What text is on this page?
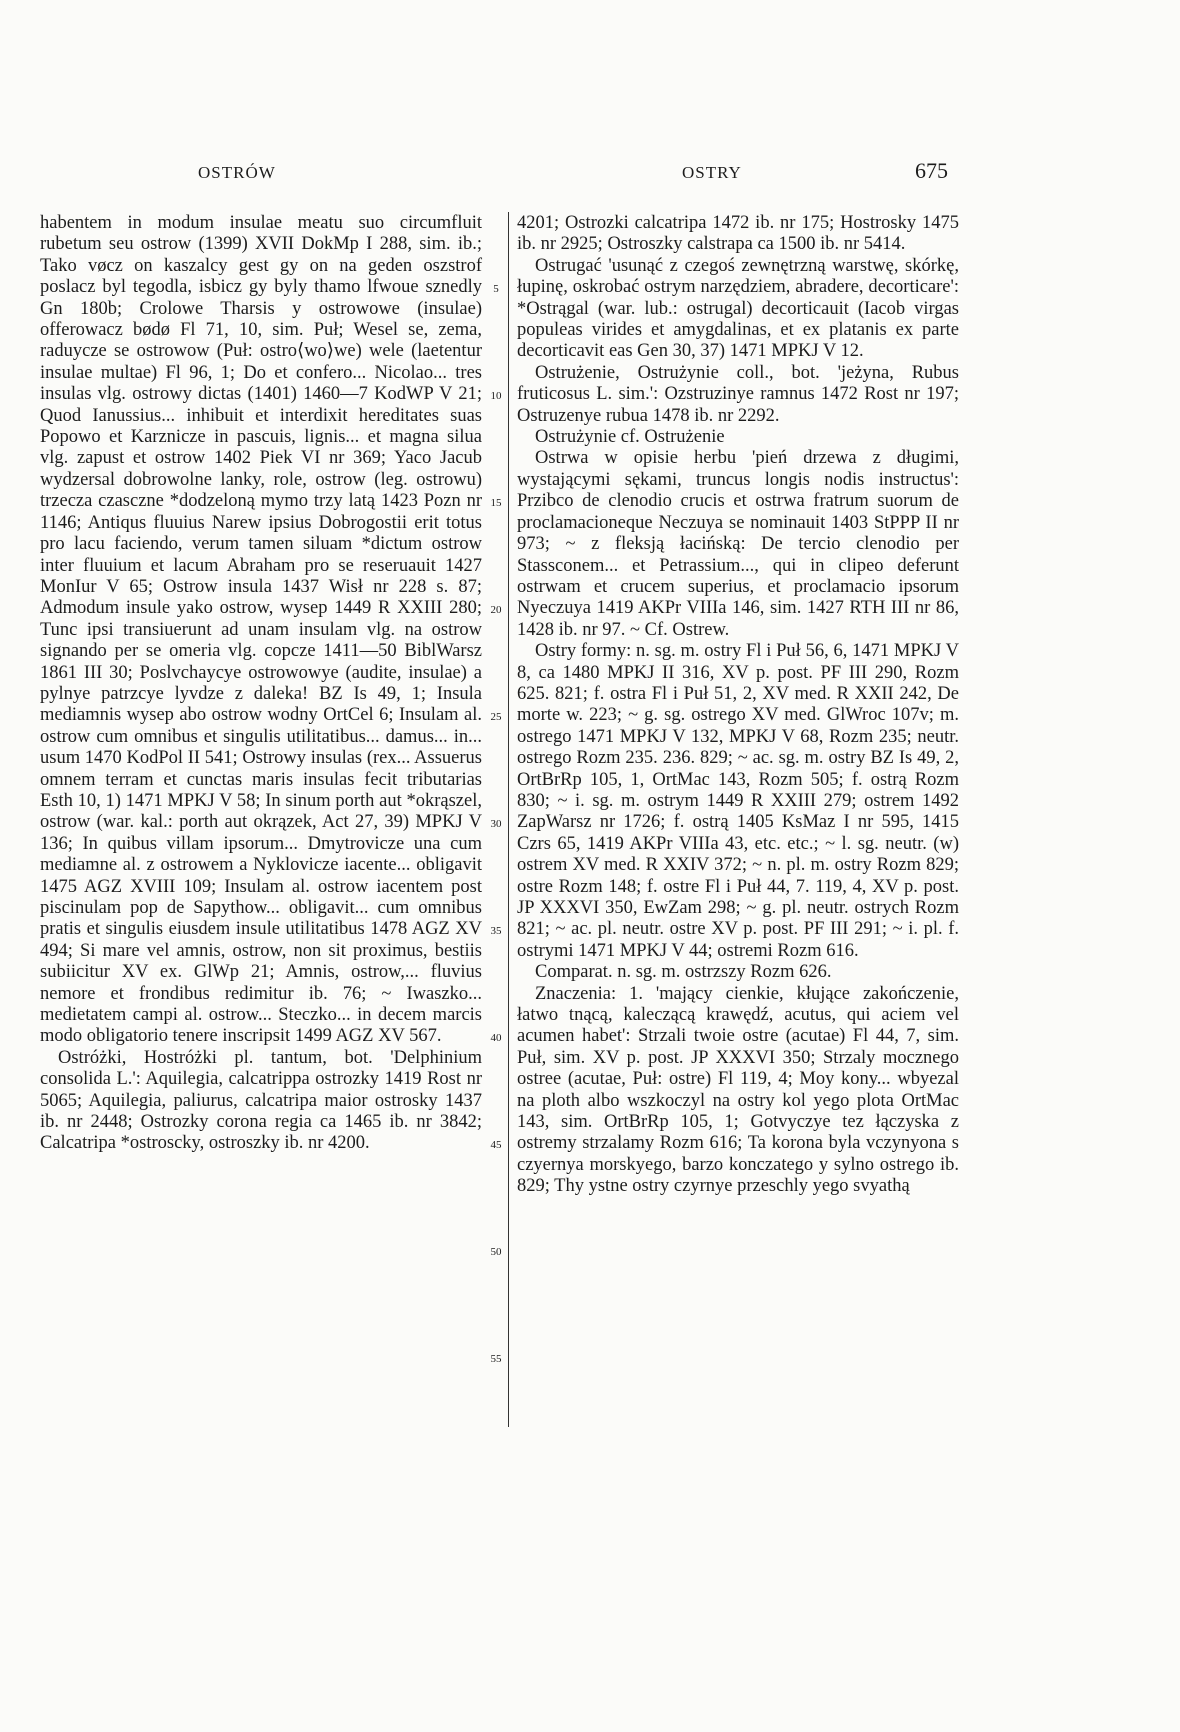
OSTRÓW	OSTRY	675
5
10
15
20
25
30
35
40
45
50
55

habentem in modum insulae meatu suo circumfluit rubetum seu ostrow (1399) XVII DokMp I 288, sim. ib.; Tako vøcz on kaszalcy gest gy on na geden oszstrof poslacz byl tegodla, isbicz gy byly thamo lfwoue sznedly Gn 180b; Crolowe Tharsis y ostrowowe (insulae) offerowacz bødø Fl 71, 10, sim. Puł; Wesel se, zema, raduycze se ostrowow (Puł: ostro⟨wo⟩we) wele (laetentur insulae multae) Fl 96, 1; Do et confero... Nicolao... tres insulas vlg. ostrowy dictas (1401) 1460—7 KodWP V 21; Quod Ianussius... inhibuit et interdixit hereditates suas Popowo et Karznicze in pascuis, lignis... et magna silua vlg. zapust et ostrow 1402 Piek VI nr 369; Yaco Jacub wydzersal dobrowolne lanky, role, ostrow (leg. ostrowu) trzecza czasczne *dodzeloną mymo trzy latą 1423 Pozn nr 1146; Antiqus fluuius Narew ipsius Dobrogostii erit totus pro lacu faciendo, verum tamen siluam *dictum ostrow inter fluuium et lacum Abraham pro se reseruauit 1427 MonIur V 65; Ostrow insula 1437 Wisł nr 228 s. 87; Admodum insule yako ostrow, wysep 1449 R XXIII 280; Tunc ipsi transiuerunt ad unam insulam vlg. na ostrow signando per se omeria vlg. copcze 1411—50 BiblWarsz 1861 III 30; Poslvchaycye ostrowowye (audite, insulae) a pylnye patrzcye lyvdze z daleka! BZ Is 49, 1; Insula mediamnis wysep abo ostrow wodny OrtCel 6; Insulam al. ostrow cum omnibus et singulis utilitatibus... damus... in... usum 1470 KodPol II 541; Ostrowy insulas (rex... Assuerus omnem terram et cunctas maris insulas fecit tributarias Esth 10, 1) 1471 MPKJ V 58; In sinum porth aut *okrąszel, ostrow (war. kal.: porth aut okrązek, Act 27, 39) MPKJ V 136; In quibus villam ipsorum... Dmytrovicze una cum mediamne al. z ostrowem a Nyklovicze iacente... obligavit 1475 AGZ XVIII 109; Insulam al. ostrow iacentem post piscinulam pop de Sapythow... obligavit... cum omnibus pratis et singulis eiusdem insule utilitatibus 1478 AGZ XV 494; Si mare vel amnis, ostrow, non sit proximus, bestiis subiicitur XV ex. GlWp 21; Amnis, ostrow,... fluvius nemore et frondibus redimitur ib. 76; ~ Iwaszko... medietatem campi al. ostrow... Steczko... in decem marcis modo obligatorio tenere inscripsit 1499 AGZ XV 567.

Ostróżki, Hostróżki pl. tantum, bot. 'Delphinium consolida L.': Aquilegia, calcatrippa ostrozky 1419 Rost nr 5065; Aquilegia, paliurus, calcatripa maior ostrosky 1437 ib. nr 2448; Ostrozky corona regia ca 1465 ib. nr 3842; Calcatripa *ostroscky, ostroszky ib. nr 4200.

4201; Ostrozki calcatripa 1472 ib. nr 175; Hostrosky 1475 ib. nr 2925; Ostroszky calstrapa ca 1500 ib. nr 5414.

Ostrugać 'usunąć z czegoś zewnętrzną warstwę, skórkę, łupinę, oskrobać ostrym narzędziem, abradere, decorticare': *Ostrągal (war. lub.: ostrugal) decorticauit (Iacob virgas populeas virides et amygdalinas, et ex platanis ex parte decorticavit eas Gen 30, 37) 1471 MPKJ V 12.

Ostrużenie, Ostrużynie coll., bot. 'jeżyna, Rubus fruticosus L. sim.': Ozstruzinye ramnus 1472 Rost nr 197; Ostruzenye rubua 1478 ib. nr 2292.

Ostrużynie cf. Ostrużenie

Ostrwa w opisie herbu 'pień drzewa z długimi, wystającymi sękami, truncus longis nodis instructus': Przibco de clenodio crucis et ostrwa fratrum suorum de proclamacioneque Neczuya se nominauit 1403 StPPP II nr 973; ~ z fleksją łacińską: De tercio clenodio per Stassconem... et Petrassium..., qui in clipeo deferunt ostrwam et crucem superius, et proclamacio ipsorum Nyeczuya 1419 AKPr VIIIa 146, sim. 1427 RTH III nr 86, 1428 ib. nr 97. ~ Cf. Ostrew.

Ostry formy: n. sg. m. ostry Fl i Puł 56, 6, 1471 MPKJ V 8, ca 1480 MPKJ II 316, XV p. post. PF III 290, Rozm 625. 821; f. ostra Fl i Puł 51, 2, XV med. R XXII 242, De morte w. 223; ~ g. sg. ostrego XV med. GlWroc 107v; m. ostrego 1471 MPKJ V 132, MPKJ V 68, Rozm 235; neutr. ostrego Rozm 235. 236. 829; ~ ac. sg. m. ostry BZ Is 49, 2, OrtBrRp 105, 1, OrtMac 143, Rozm 505; f. ostrą Rozm 830; ~ i. sg. m. ostrym 1449 R XXIII 279; ostrem 1492 ZapWarsz nr 1726; f. ostrą 1405 KsMaz I nr 595, 1415 Czrs 65, 1419 AKPr VIIIa 43, etc. etc.; ~ l. sg. neutr. (w) ostrem XV med. R XXIV 372; ~ n. pl. m. ostry Rozm 829; ostre Rozm 148; f. ostre Fl i Puł 44, 7. 119, 4, XV p. post. JP XXXVI 350, EwZam 298; ~ g. pl. neutr. ostrych Rozm 821; ~ ac. pl. neutr. ostre XV p. post. PF III 291; ~ i. pl. f. ostrymi 1471 MPKJ V 44; ostremi Rozm 616.

Comparat. n. sg. m. ostrzszy Rozm 626.

Znaczenia: 1. 'mający cienkie, kłujące zakończenie, łatwo tnącą, kaleczącą krawędź, acutus, qui aciem vel acumen habet': Strzali twoie ostre (acutae) Fl 44, 7, sim. Puł, sim. XV p. post. JP XXXVI 350; Strzaly mocznego ostree (acutae, Puł: ostre) Fl 119, 4; Moy kony... wbyezal na ploth albo wszkoczyl na ostry kol yego plota OrtMac 143, sim. OrtBrRp 105, 1; Gotvyczye tez łączyska z ostremy strzalamy Rozm 616; Ta korona byla vczynyona s czyernya morskyego, barzo konczatego y sylno ostrego ib. 829; Thy ystne ostry czyrnye przeschly yego svyathą
